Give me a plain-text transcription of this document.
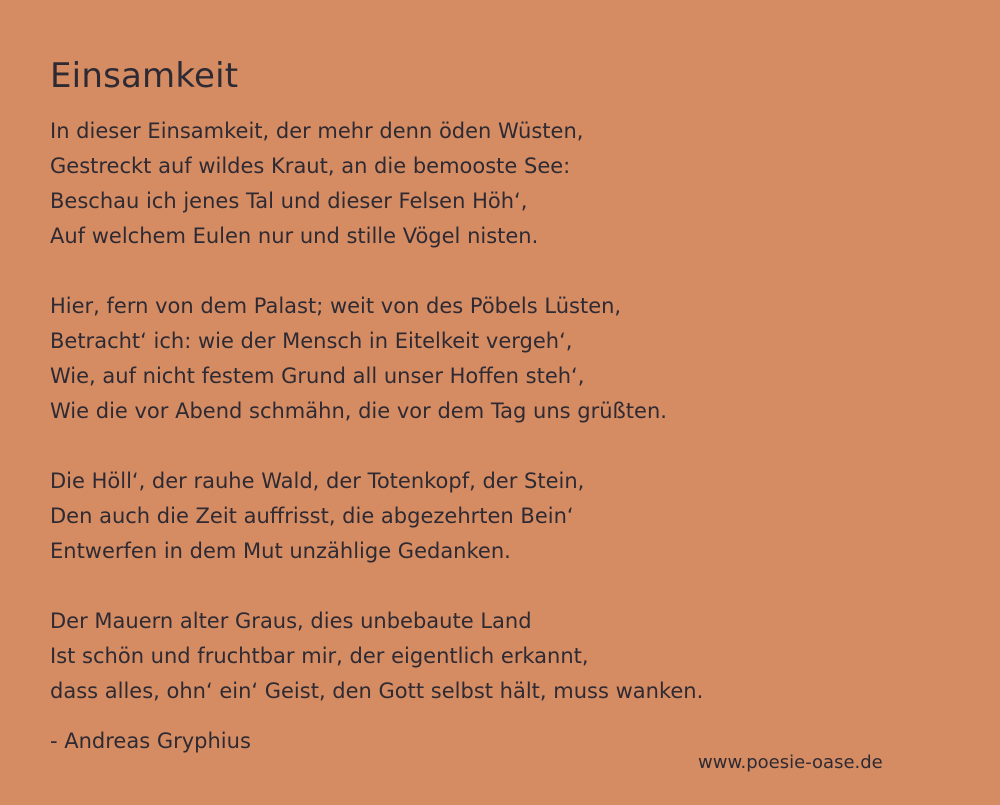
Einsamkeit
In dieser Einsamkeit, der mehr denn öden Wüsten,
Gestreckt auf wildes Kraut, an die bemooste See:
Beschau ich jenes Tal und dieser Felsen Höh‘,
Auf welchem Eulen nur und stille Vögel nisten.
Hier, fern von dem Palast; weit von des Pöbels Lüsten,
Betracht‘ ich: wie der Mensch in Eitelkeit vergeh‘,
Wie, auf nicht festem Grund all unser Hoffen steh‘,
Wie die vor Abend schmähn, die vor dem Tag uns grüßten.
Die Höll‘, der rauhe Wald, der Totenkopf, der Stein,
Den auch die Zeit auffrisst, die abgezehrten Bein‘
Entwerfen in dem Mut unzählige Gedanken.
Der Mauern alter Graus, dies unbebaute Land
Ist schön und fruchtbar mir, der eigentlich erkannt,
dass alles, ohn‘ ein‘ Geist, den Gott selbst hält, muss wanken.
- Andreas Gryphius
www.poesie-oase.de
